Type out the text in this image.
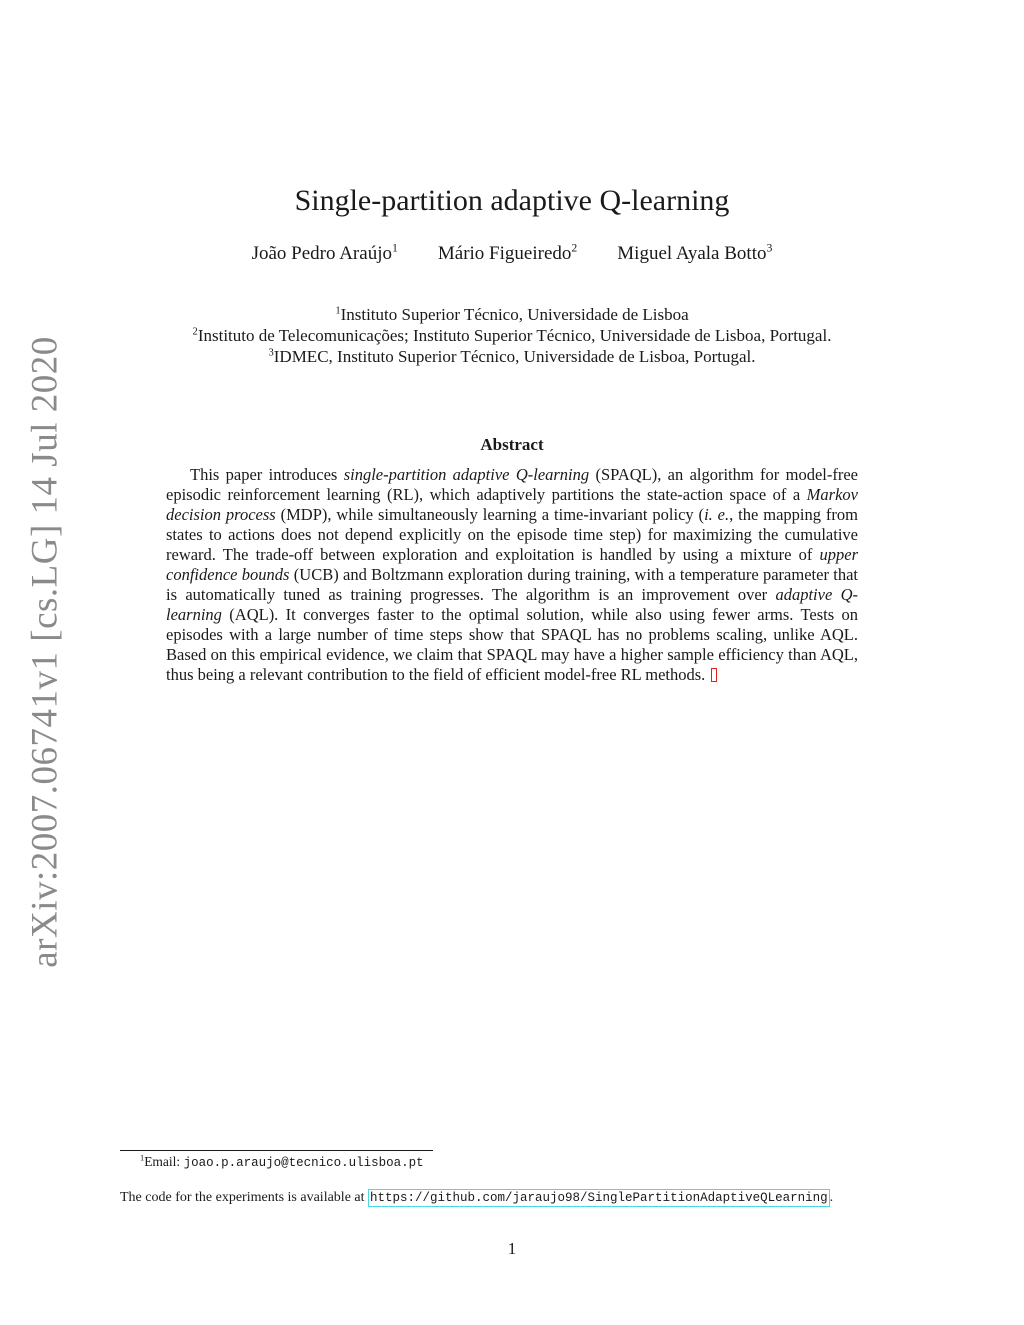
arXiv:2007.06741v1 [cs.LG] 14 Jul 2020
Single-partition adaptive Q-learning
João Pedro Araújo$^1$ Mário Figueiredo$^2$ Miguel Ayala Botto$^3$
$^1$Instituto Superior Técnico, Universidade de Lisboa
$^2$Instituto de Telecomunicações; Instituto Superior Técnico, Universidade de Lisboa, Portugal.
$^3$IDMEC, Instituto Superior Técnico, Universidade de Lisboa, Portugal.
Abstract

This paper introduces single-partition adaptive Q-learning (SPAQL), an algorithm for model-free episodic reinforcement learning (RL), which adaptively partitions the state-action space of a Markov decision process (MDP), while simultaneously learning a time-invariant policy (i. e., the mapping from states to actions does not depend explicitly on the episode time step) for maximizing the cumulative reward. The trade-off between exploration and exploitation is handled by using a mixture of upper confidence bounds (UCB) and Boltzmann exploration during training, with a temperature parameter that is automatically tuned as training progresses. The algorithm is an improvement over adaptive Q-learning (AQL). It converges faster to the optimal solution, while also using fewer arms. Tests on episodes with a large number of time steps show that SPAQL has no problems scaling, unlike AQL. Based on this empirical evidence, we claim that SPAQL may have a higher sample efficiency than AQL, thus being a relevant contribution to the field of efficient model-free RL methods.

$^1$Email: joao.p.araujo@tecnico.ulisboa.pt
The code for the experiments is available at https://github.com/jaraujo98/SinglePartitionAdaptiveQLearning .
1
